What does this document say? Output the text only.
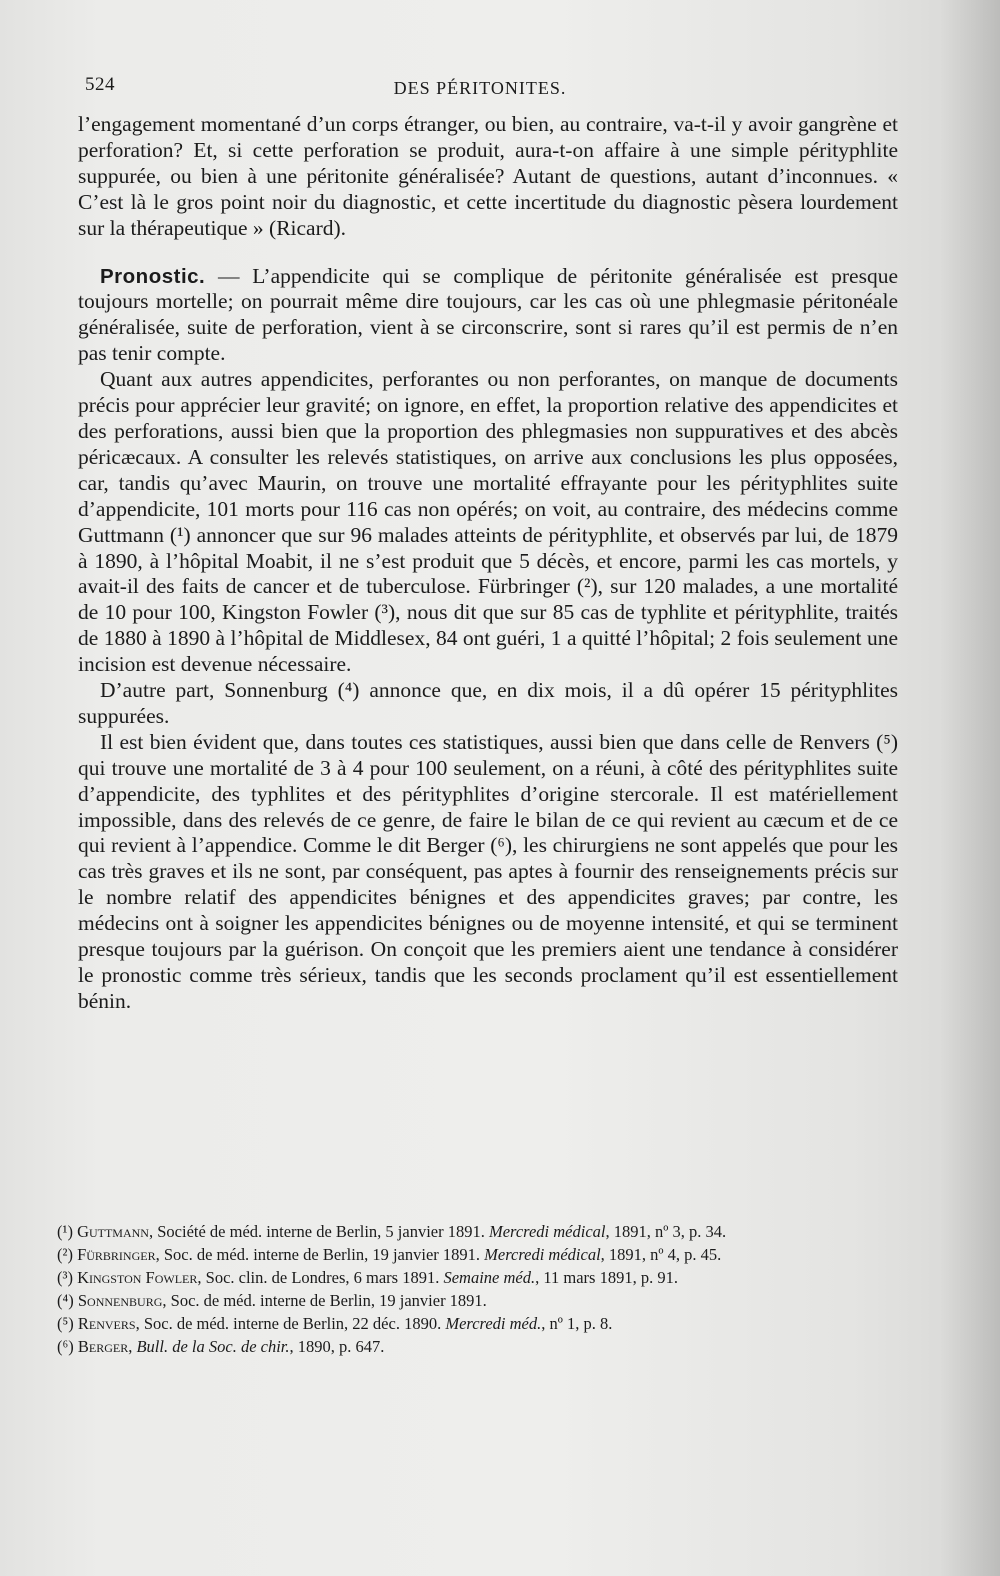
524	DES PÉRITONITES.

l’engagement momentané d’un corps étranger, ou bien, au contraire, va-t-il y avoir gangrène et perforation? Et, si cette perforation se produit, aura-t-on affaire à une simple pérityphlite suppurée, ou bien à une péritonite généralisée? Autant de questions, autant d’inconnues. « C’est là le gros point noir du diagnostic, et cette incertitude du diagnostic pèsera lourdement sur la thérapeutique » (Ricard).

Pronostic. — L’appendicite qui se complique de péritonite généralisée est presque toujours mortelle; on pourrait même dire toujours, car les cas où une phlegmasie péritonéale généralisée, suite de perforation, vient à se circonscrire, sont si rares qu’il est permis de n’en pas tenir compte.

Quant aux autres appendicites, perforantes ou non perforantes, on manque de documents précis pour apprécier leur gravité; on ignore, en effet, la proportion relative des appendicites et des perforations, aussi bien que la proportion des phlegmasies non suppuratives et des abcès péricæcaux. A consulter les relevés statistiques, on arrive aux conclusions les plus opposées, car, tandis qu’avec Maurin, on trouve une mortalité effrayante pour les pérityphlites suite d’appendicite, 101 morts pour 116 cas non opérés; on voit, au contraire, des médecins comme Guttmann (¹) annoncer que sur 96 malades atteints de pérityphlite, et observés par lui, de 1879 à 1890, à l’hôpital Moabit, il ne s’est produit que 5 décès, et encore, parmi les cas mortels, y avait-il des faits de cancer et de tuberculose. Fürbringer (²), sur 120 malades, a une mortalité de 10 pour 100, Kingston Fowler (³), nous dit que sur 85 cas de typhlite et pérityphlite, traités de 1880 à 1890 à l’hôpital de Middlesex, 84 ont guéri, 1 a quitté l’hôpital; 2 fois seulement une incision est devenue nécessaire.

D’autre part, Sonnenburg (⁴) annonce que, en dix mois, il a dû opérer 15 pérityphlites suppurées.

Il est bien évident que, dans toutes ces statistiques, aussi bien que dans celle de Renvers (⁵) qui trouve une mortalité de 3 à 4 pour 100 seulement, on a réuni, à côté des pérityphlites suite d’appendicite, des typhlites et des pérityphlites d’origine stercorale. Il est matériellement impossible, dans des relevés de ce genre, de faire le bilan de ce qui revient au cæcum et de ce qui revient à l’appendice. Comme le dit Berger (⁶), les chirurgiens ne sont appelés que pour les cas très graves et ils ne sont, par conséquent, pas aptes à fournir des renseignements précis sur le nombre relatif des appendicites bénignes et des appendicites graves; par contre, les médecins ont à soigner les appendicites bénignes ou de moyenne intensité, et qui se terminent presque toujours par la guérison. On conçoit que les premiers aient une tendance à considérer le pronostic comme très sérieux, tandis que les seconds proclament qu’il est essentiellement bénin.

(¹) Guttmann, Société de méd. interne de Berlin, 5 janvier 1891. Mercredi médical, 1891, nº 3, p. 34.

(²) Fürbringer, Soc. de méd. interne de Berlin, 19 janvier 1891. Mercredi médical, 1891, nº 4, p. 45.

(³) Kingston Fowler, Soc. clin. de Londres, 6 mars 1891. Semaine méd., 11 mars 1891, p. 91.

(⁴) Sonnenburg, Soc. de méd. interne de Berlin, 19 janvier 1891.

(⁵) Renvers, Soc. de méd. interne de Berlin, 22 déc. 1890. Mercredi méd., nº 1, p. 8.

(⁶) Berger, Bull. de la Soc. de chir., 1890, p. 647.
